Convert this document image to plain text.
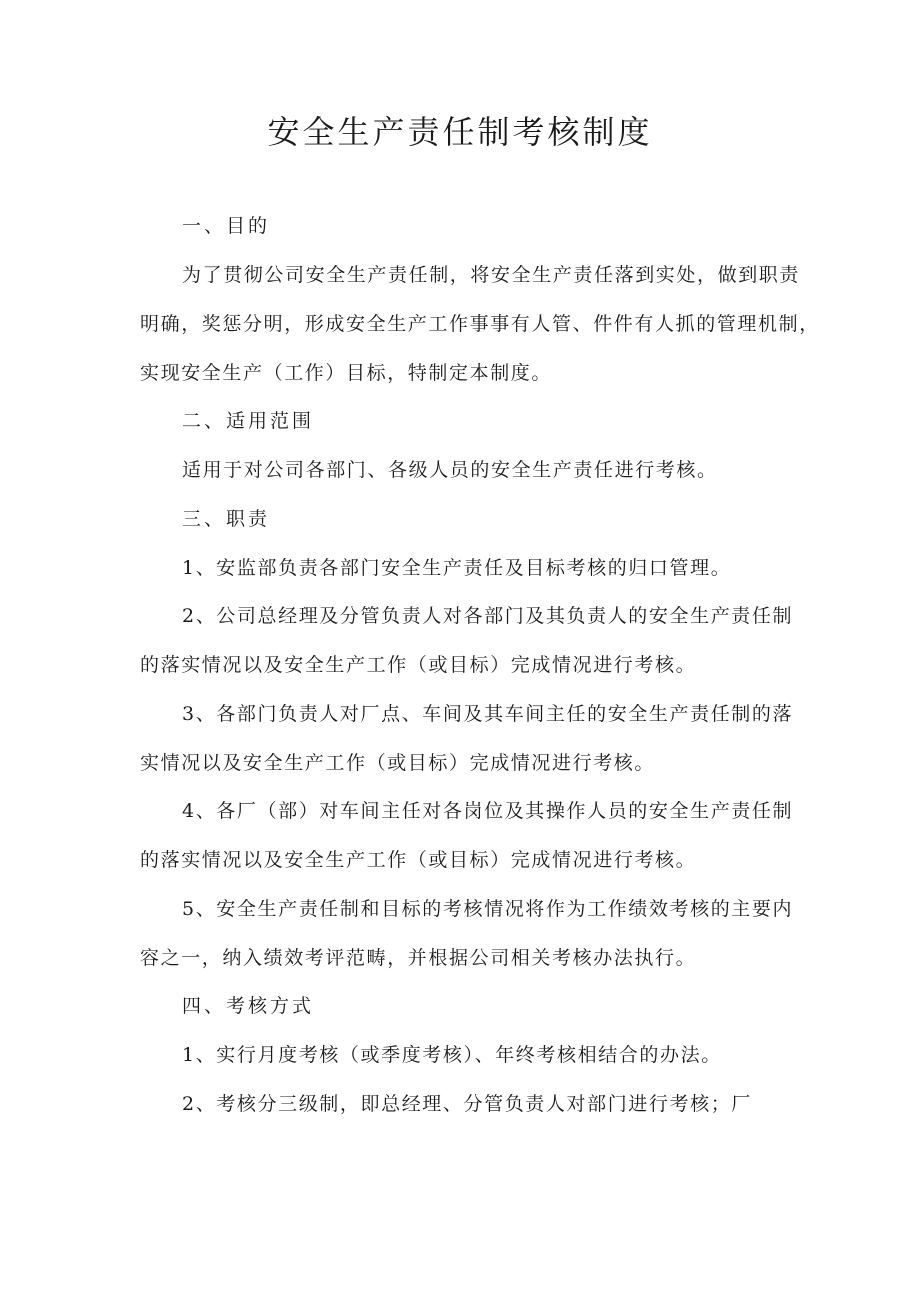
安全生产责任制考核制度
一、目的
为了贯彻公司安全生产责任制，将安全生产责任落到实处，做到职责
明确，奖惩分明，形成安全生产工作事事有人管、件件有人抓的管理机制，
实现安全生产（工作）目标，特制定本制度。
二、适用范围
适用于对公司各部门、各级人员的安全生产责任进行考核。
三、职责
1、安监部负责各部门安全生产责任及目标考核的归口管理。
2、公司总经理及分管负责人对各部门及其负责人的安全生产责任制
的落实情况以及安全生产工作（或目标）完成情况进行考核。
3、各部门负责人对厂点、车间及其车间主任的安全生产责任制的落
实情况以及安全生产工作（或目标）完成情况进行考核。
4、各厂（部）对车间主任对各岗位及其操作人员的安全生产责任制
的落实情况以及安全生产工作（或目标）完成情况进行考核。
5、安全生产责任制和目标的考核情况将作为工作绩效考核的主要内
容之一，纳入绩效考评范畴，并根据公司相关考核办法执行。
四、考核方式
1、实行月度考核（或季度考核）、年终考核相结合的办法。
2、考核分三级制，即总经理、分管负责人对部门进行考核；厂
